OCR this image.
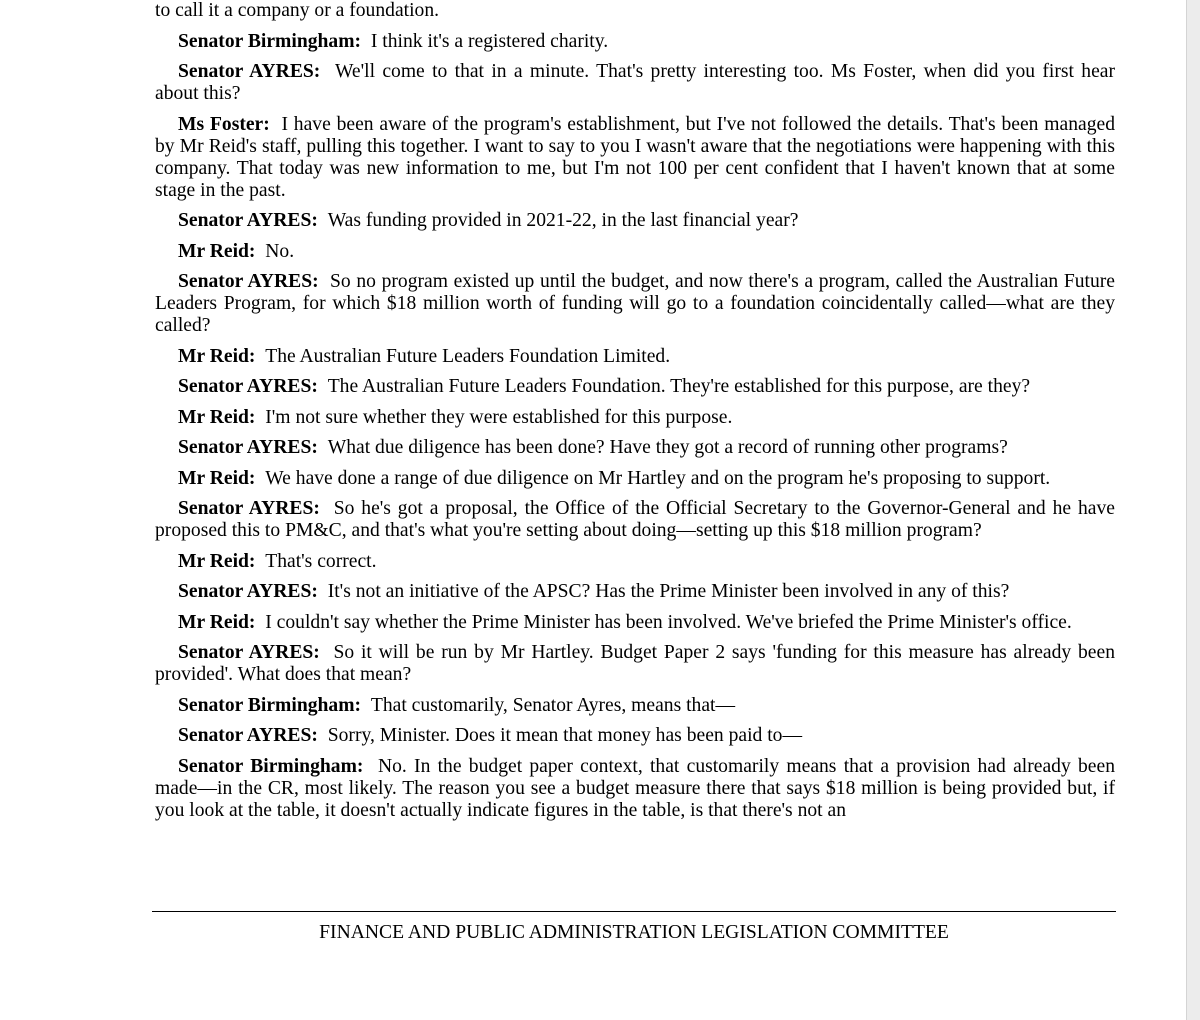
to call it a company or a foundation.

Senator Birmingham: I think it's a registered charity.

Senator AYRES: We'll come to that in a minute. That's pretty interesting too. Ms Foster, when did you first hear about this?

Ms Foster: I have been aware of the program's establishment, but I've not followed the details. That's been managed by Mr Reid's staff, pulling this together. I want to say to you I wasn't aware that the negotiations were happening with this company. That today was new information to me, but I'm not 100 per cent confident that I haven't known that at some stage in the past.

Senator AYRES: Was funding provided in 2021-22, in the last financial year?

Mr Reid: No.

Senator AYRES: So no program existed up until the budget, and now there's a program, called the Australian Future Leaders Program, for which $18 million worth of funding will go to a foundation coincidentally called—what are they called?

Mr Reid: The Australian Future Leaders Foundation Limited.

Senator AYRES: The Australian Future Leaders Foundation. They're established for this purpose, are they?

Mr Reid: I'm not sure whether they were established for this purpose.

Senator AYRES: What due diligence has been done? Have they got a record of running other programs?

Mr Reid: We have done a range of due diligence on Mr Hartley and on the program he's proposing to support.

Senator AYRES: So he's got a proposal, the Office of the Official Secretary to the Governor-General and he have proposed this to PM&C, and that's what you're setting about doing—setting up this $18 million program?

Mr Reid: That's correct.

Senator AYRES: It's not an initiative of the APSC? Has the Prime Minister been involved in any of this?

Mr Reid: I couldn't say whether the Prime Minister has been involved. We've briefed the Prime Minister's office.

Senator AYRES: So it will be run by Mr Hartley. Budget Paper 2 says 'funding for this measure has already been provided'. What does that mean?

Senator Birmingham: That customarily, Senator Ayres, means that—

Senator AYRES: Sorry, Minister. Does it mean that money has been paid to—

Senator Birmingham: No. In the budget paper context, that customarily means that a provision had already been made—in the CR, most likely. The reason you see a budget measure there that says $18 million is being provided but, if you look at the table, it doesn't actually indicate figures in the table, is that there's not an

FINANCE AND PUBLIC ADMINISTRATION LEGISLATION COMMITTEE
